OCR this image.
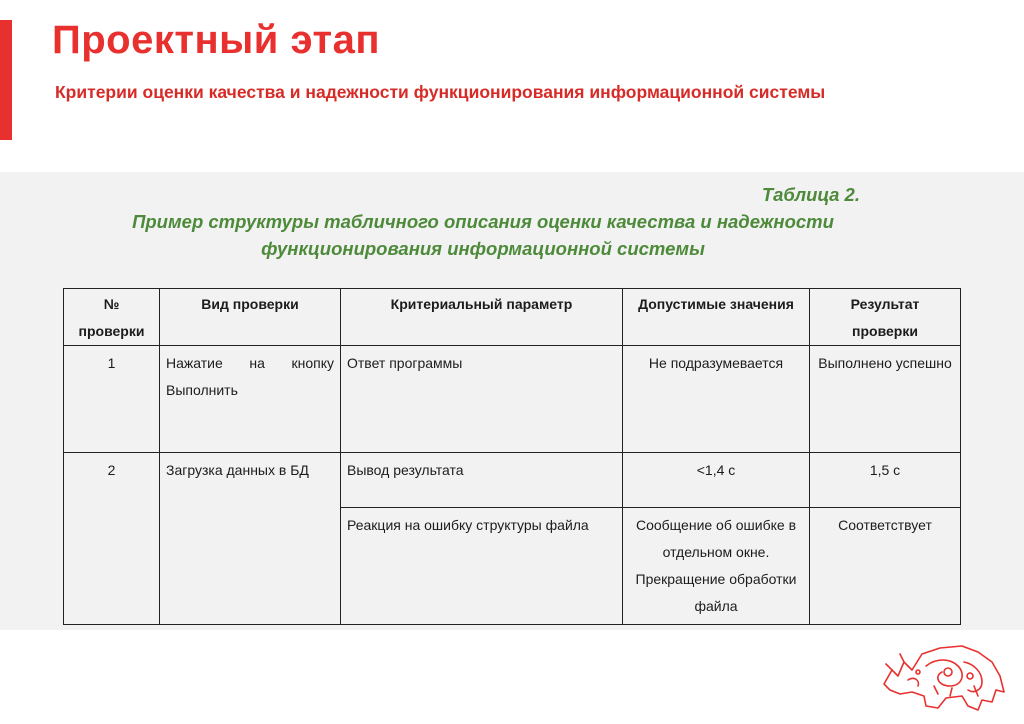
Проектный этап
Критерии оценки качества и надежности функционирования информационной системы
Таблица 2.
Пример структуры табличного описания оценки качества и надежности
функционирования информационной системы
№ проверки	Вид проверки	Критериальный параметр	Допустимые значения	Результат проверки
1	Нажатие на кнопку Выполнить	Ответ программы	Не подразумевается	Выполнено успешно
2	Загрузка данных в БД	Вывод результата	<1,4 с	1,5 с
		Реакция на ошибку структуры файла	Сообщение об ошибке в отдельном окне. Прекращение обработки файла	Соответствует
